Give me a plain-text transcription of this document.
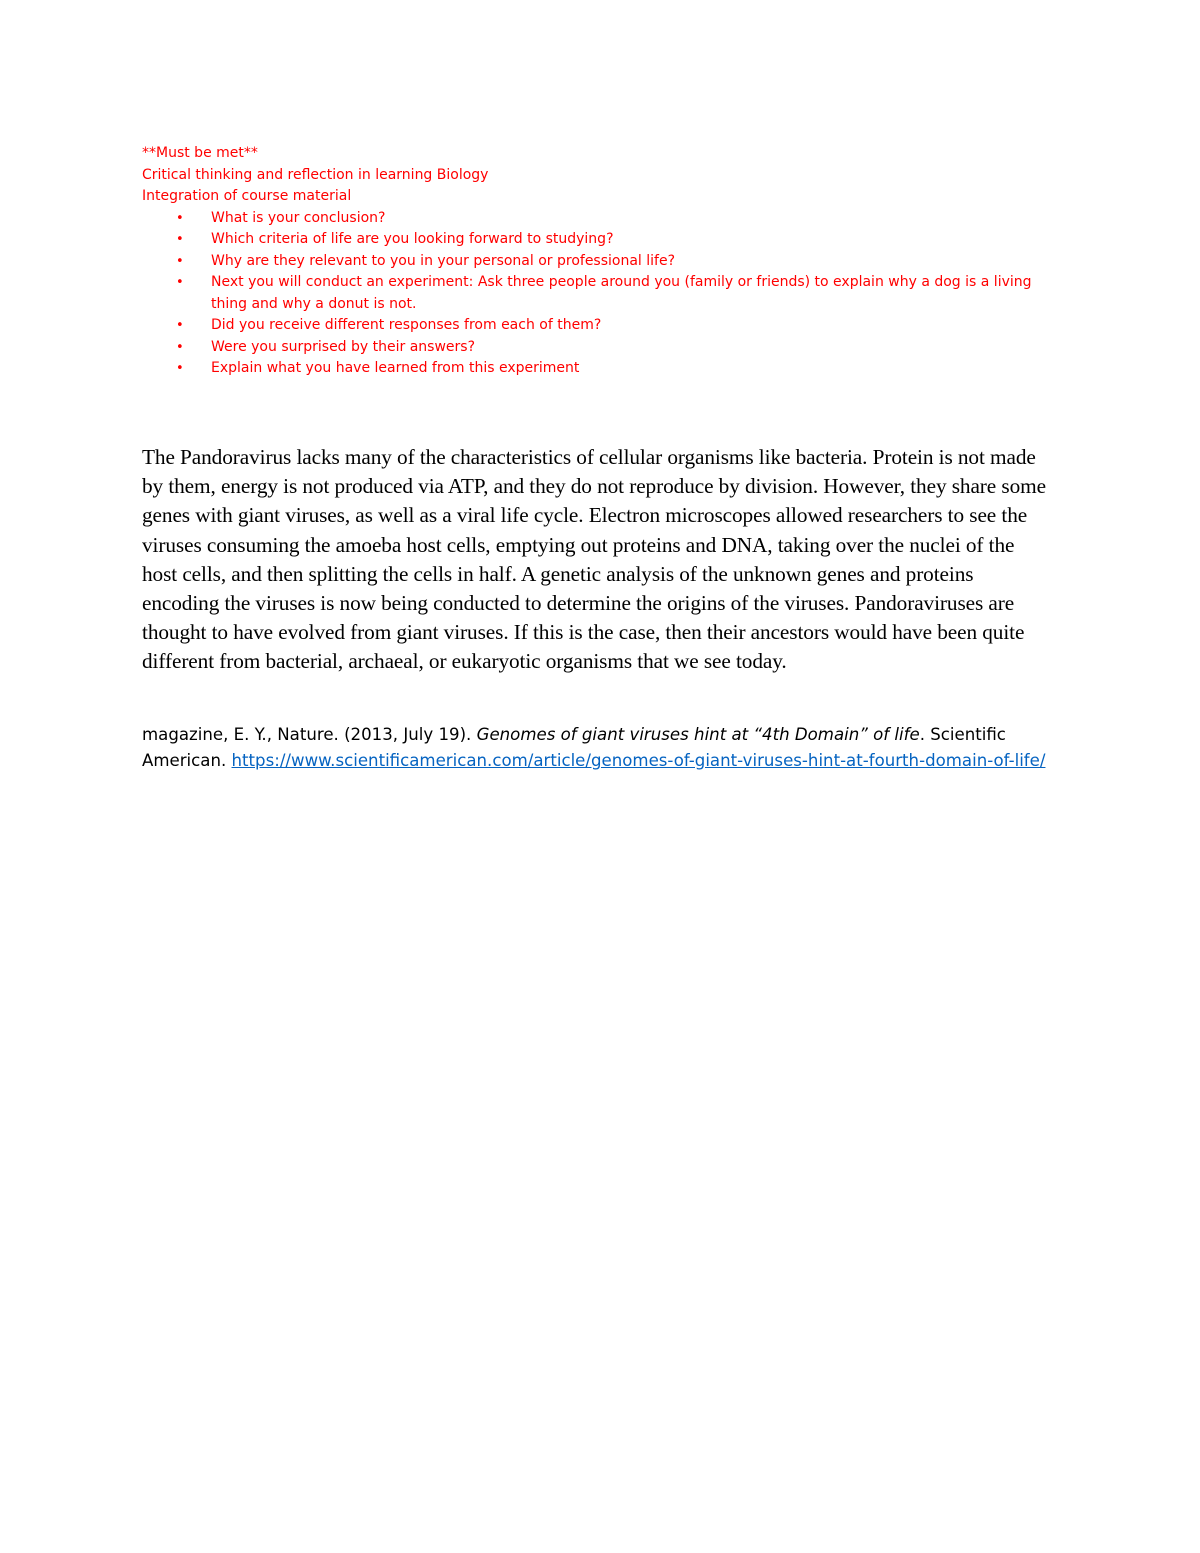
**Must be met**
Critical thinking and reflection in learning Biology
Integration of course material
• What is your conclusion?
• Which criteria of life are you looking forward to studying?
• Why are they relevant to you in your personal or professional life?
• Next you will conduct an experiment: Ask three people around you (family or friends) to explain why a dog is a living thing and why a donut is not.
• Did you receive different responses from each of them?
• Were you surprised by their answers?
• Explain what you have learned from this experiment

The Pandoravirus lacks many of the characteristics of cellular organisms like bacteria. Protein is not made by them, energy is not produced via ATP, and they do not reproduce by division. However, they share some genes with giant viruses, as well as a viral life cycle. Electron microscopes allowed researchers to see the viruses consuming the amoeba host cells, emptying out proteins and DNA, taking over the nuclei of the host cells, and then splitting the cells in half. A genetic analysis of the unknown genes and proteins encoding the viruses is now being conducted to determine the origins of the viruses. Pandoraviruses are thought to have evolved from giant viruses. If this is the case, then their ancestors would have been quite different from bacterial, archaeal, or eukaryotic organisms that we see today.

magazine, E. Y., Nature. (2013, July 19). Genomes of giant viruses hint at “4th Domain” of life. Scientific American. https://www.scientificamerican.com/article/genomes-of-giant-viruses-hint-at-fourth-domain-of-life/
